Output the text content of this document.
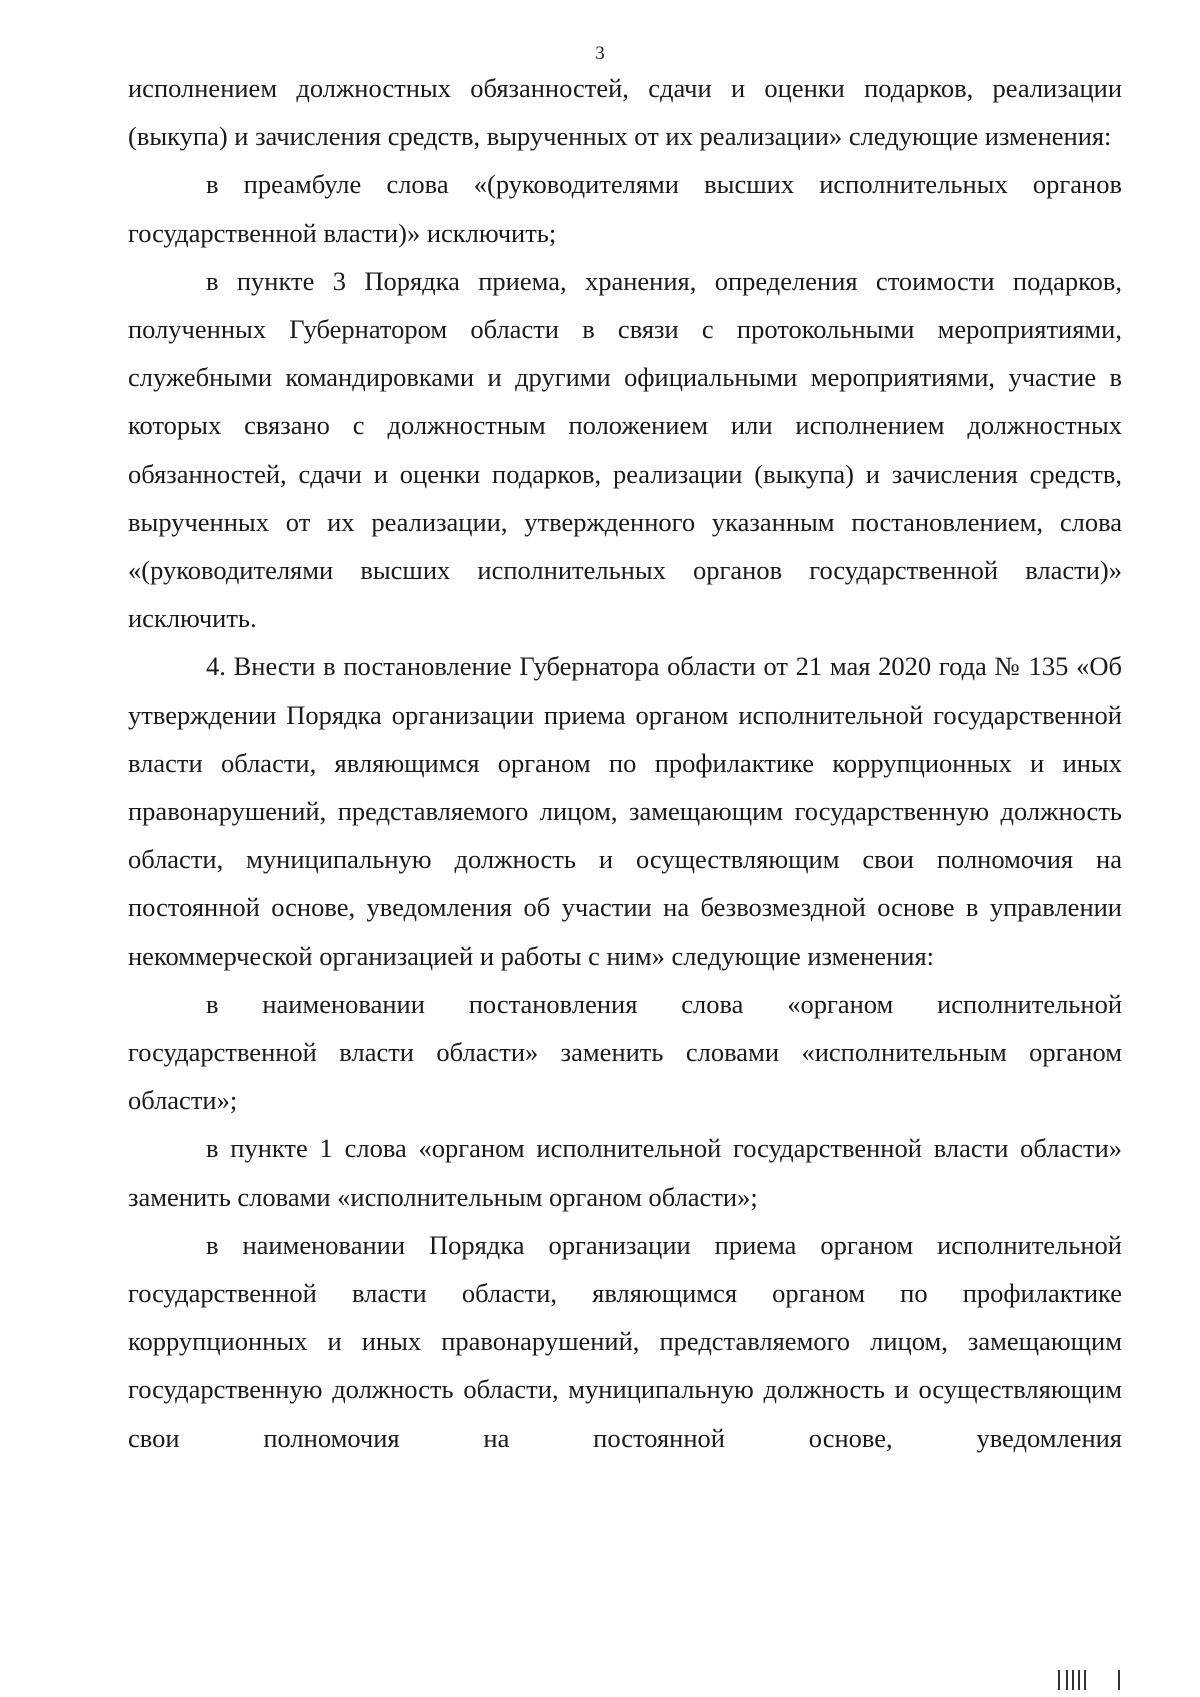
3

исполнением должностных обязанностей, сдачи и оценки подарков, реализации (выкупа) и зачисления средств, вырученных от их реализации» следующие изменения:

в преамбуле слова «(руководителями высших исполнительных органов государственной власти)» исключить;

в пункте 3 Порядка приема, хранения, определения стоимости подарков, полученных Губернатором области в связи с протокольными мероприятиями, служебными командировками и другими официальными мероприятиями, участие в которых связано с должностным положением или исполнением должностных обязанностей, сдачи и оценки подарков, реализации (выкупа) и зачисления средств, вырученных от их реализации, утвержденного указанным постановлением, слова «(руководителями высших исполнительных органов государственной власти)» исключить.

4. Внести в постановление Губернатора области от 21 мая 2020 года № 135 «Об утверждении Порядка организации приема органом исполнительной государственной власти области, являющимся органом по профилактике коррупционных и иных правонарушений, представляемого лицом, замещающим государственную должность области, муниципальную должность и осуществляющим свои полномочия на постоянной основе, уведомления об участии на безвозмездной основе в управлении некоммерческой организацией и работы с ним» следующие изменения:

в наименовании постановления слова «органом исполнительной государственной власти области» заменить словами «исполнительным органом области»;

в пункте 1 слова «органом исполнительной государственной власти области» заменить словами «исполнительным органом области»;

в наименовании Порядка организации приема органом исполнительной государственной власти области, являющимся органом по профилактике коррупционных и иных правонарушений, представляемого лицом, замещающим государственную должность области, муниципальную должность и осуществляющим свои полномочия на постоянной основе, уведомления
